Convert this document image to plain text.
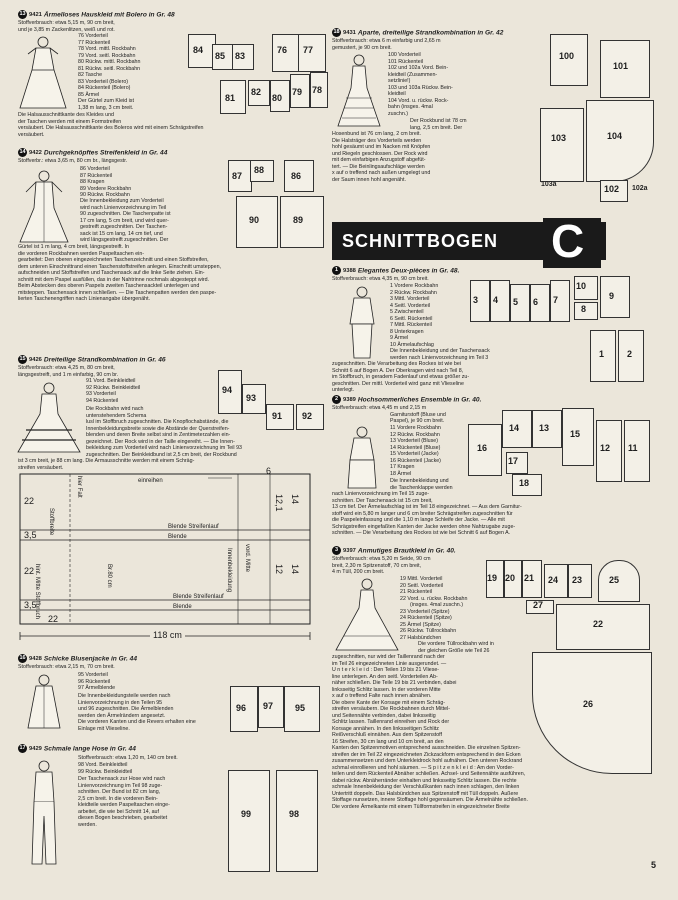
13 9421 Ärmelloses Hauskleid mit Bolero in Gr. 48
Stoffverbrauch: etwa 5,15 m, 90 cm breit,
und je 3,85 m Zackenlitzen, weiß und rot.
76 Vorderteil
77 Rückenteil
78 Vord. mittl. Rockbahn
79 Vord. seitl. Rockbahn
80 Rückw. mittl. Rockbahn
81 Rückw. seitl. Rockbahn
82 Tasche
83 Vorderteil (Bolero)
84 Rückenteil (Bolero)
85 Ärmel
Der Gürtel zum Kleid ist
1,38 m lang, 3 cm breit.
Die Halsausschnittkante des Kleides und
der Taschen werden mit einem Formstreifen
versäubert. Die Halsausschnittkante des Boleros wird mit einem Schrägstreifen
versäubert.
84
85 83
76 77
82	78
79
81	80
14 9422 Durchgeknöpftes Streifenkleid in Gr. 44
Stoffverbr.: etwa 3,65 m, 80 cm br., längsgestr.
86 Vorderteil
87 Rückenteil
88 Kragen
89 Vordere Rockbahn
90 Rückw. Rockbahn
Die Innenbekleidung zum Vorderteil
wird nach Linienvorzeichnung im Teil
90 zugeschnitten. Die Taschenpatte ist
17 cm lang, 5 cm breit, und wird quer-
gestreift zugeschnitten. Der Taschen-
sack ist 15 cm lang, 14 cm tief, und
wird längsgestreift zugeschnitten. Der
Gürtel ist 1 m lang, 4 cm breit, längsgestreift. In
die vorderen Rockbahnen werden Paspeltaschen ein-
gearbeitet: Den oberen eingezeichneten Taschenzeichnitt und einen Stoffstreifen,
dem unteren Einschnittrand einen Taschenstoffstreifen anlegen. Einschnitt umsteppen,
aufschneiden und Stoffstreifen und Taschensack auf die linke Seite ziehen. Ein-
schnitt mit dem Paspel ausfüllen, das in der Nahtrinne nochmals abgesteppt wird.
Beim Abstecken des oberen Paspels zweiten Taschensackteil unterlegen und
mitsteppen. Taschensack innen schließen. — Die Taschenpatten werden den paspe-
lierten Taschenengriffen nach Linienangabe übergenäht.
87
88
86
90	89
15 9426 Dreiteilige Strandkombination in Gr. 46
Stoffverbrauch: etwa 4,25 m, 80 cm breit,
längsgestreift, und 1 m einfarbig, 90 cm br.
91 Vord. Beinkleidteil
92 Rückw. Beinkleidteil
93 Vorderteil
94 Rückenteil
Die Rockbahn wird nach
untenstehendem Schema
lusl im Stoffbruch zugeschnitten. Die Knopflochabstände, die
Innenbekleidungsbreite sowie die Abstände der Querstreifen-
blenden und deren Breite selbst sind in Zentimeterzahlen ein-
gezeichnet. Der Rock wird in der Taille eingereiht. — Die Innen-
bekleidung zum Vorderteil wird nach Linienvorzeichnung im Teil 93
zugeschnitten. Der Beinkleidbund ist 2,5 cm breit, der Rockbund
ist 3 cm breit, je 88 cm lang. Die Armausschnitte werden mit einem Schräg-
streifen versäubert.
94
93
91 92
einreihen
hier Falt
Stoffbreite	Blende Streifenlauf
Blende
Blende Streifenlauf
Blende
vord. Mitte
Innenbekleidung
Br.80 cm
hint. Mitte Stoffbruch
22
3,5
22
3,5
22
12,1 14
12 14
6
118 cm
16 9428 Schicke Blusenjacke in Gr. 44
Stoffverbrauch: etwa 2,15 m, 70 cm breit.
95 Vorderteil
96 Rückenteil
97 Ärmelblende
Die Innenbekleidungsteile werden nach
Linienvorzeichnung in den Teilen 95
und 96 zugeschnitten. Die Ärmelblenden
werden den Ärmelrändern angesetzt.
Die vorderen Kanten und die Revers erhalten eine
Einlage mit Vlieseline.
96 97 95
17 9429 Schmale lange Hose in Gr. 44
Stoffverbrauch: etwa 1,20 m, 140 cm breit.
98 Vord. Beinkleidteil
99 Rückw. Beinkleidteil
Der Taschensack zur Hose wird nach
Linienvorzeichnung im Teil 98 zuge-
schnitten. Der Bund ist 82 cm lang,
2,5 cm breit. In die vorderen Bein-
kleidteile werden Paspeltaschen einge-
arbeitet, die wie bei Schnitt 14, auf
diesen Bogen beschrieben, gearbeitet
werden.
99	98
18 9431 Aparte, dreiteilige Strandkombination in Gr. 42
Stoffverbrauch: etwa 6 m einfarbig und 2,65 m
gemustert, je 90 cm breit.
100 Vorderteil
101 Rückenteil
102 und 102a Vord. Bein-
kleidteil (Zusammen-
setzlinie!)
103 und 103a Rückw. Bein-
kleidteil
104 Vord. u. rückw. Rock-
bahn (insges. 4mal
zuschn.)
Der Rockbund ist 78 cm
lang, 2,5 cm breit. Der
Hosenbund ist 76 cm lang, 2 cm breit.
Die Halsträger des Vorderteils werden
hohl gesäumt und im Nacken mit Knöpfen
und Riegeln geschlossen. Der Rock wird
mit dem einfarbigen Anzugstoff abgefüt-
tert. — Die Beinlingsaufschläge werden
x auf o treffend nach außen umgelegt und
der Saum innen hohl angenäht.
100
101
103	104
103a	102 102a
SCHNITTBOGEN C
1 9388 Elegantes Deux-pièces in Gr. 48.
Stoffverbrauch: etwa 4,35 m, 90 cm breit.
1 Vordere Rockbahn
2 Rückw. Rockbahn
3 Mittl. Vorderteil
4 Seitl. Vorderteil
5 Zwischenteil
6 Seitl. Rückenteil
7 Mittl. Rückenteil
8 Unterkragen
9 Ärmel
10 Ärmelaufschlag
Die Innenbekleidung und der Taschensack
werden nach Linienvorzeichnung im Teil 3
zugeschnitten. Die Verarbeitung des Rockes ist wie bei
Schnitt 6 auf Bogen A. Der Oberkragen wird nach Teil 8,
im Stoffbruch, in geradem Fadenlauf und etwas größer zu-
geschnitten. Der mittl. Vorderteil wird ganz mit Vlieseline
unterlegt.
3 4 5 6 7
10
9
8
1	2
2 9389 Hochsommerliches Ensemble in Gr. 40.
Stoffverbrauch: etwa 4,45 m und 2,15 m
Garniturstoff (Bluse und
Paspel), je 90 cm breit.
11 Vordere Rockbahn
12 Rückw. Rockbahn
13 Vorderteil (Bluse)
14 Rückenteil (Bluse)
15 Vorderteil (Jacke)
16 Rückenteil (Jacke)
17 Kragen
18 Ärmel
Die Innenbekleidung und
die Taschenklappe werden
nach Linienvorzeichnung im Teil 15 zuge-
schnitten. Der Taschensack ist 15 cm breit,
13 cm tief. Der Ärmelaufschlag ist im Teil 18 eingezeichnet. — Aus dem Garnitur-
stoff wird ein 5,80 m langer und 6 cm breiter Schrägstreifen zugeschnitten für
die Paspeleinfassung und die 1,10 m lange Schleife der Jacke. — Alle mit
Schrägstreifen eingefaßten Kanten der Jacke werden ohne Nahtzugabe zuge-
schnitten. — Die Verarbeitung des Rockes ist wie bei Schnitt 6 auf Bogen A.
16
14 13
15
17
18
12 11
3 9397 Anmutiges Brautkleid in Gr. 40.
Stoffverbrauch: etwa 5,20 m Seide, 90 cm
breit, 2,30 m Spitzenstoff, 70 cm breit,
4 m Tüll, 200 cm breit.
19 Mittl. Vorderteil
20 Seitl. Vorderteil
21 Rückenteil
22 Vord. u. rückw. Rockbahn
(insges. 4mal zuschn.)
23 Vorderteil (Spitze)
24 Rückenteil (Spitze)
25 Ärmel (Spitze)
26 Rückw. Tüllrockbahn
27 Halsbündchen
Die vordere Tüllrockbahn wird in
der gleichen Größe wie Teil 26
zugeschnitten, nur wird der Taillenrand nach der
im Teil 26 eingezeichneten Linie ausgerundet. —
U n t e r k l e i d : Den Teilen 19 bis 21 Vliese-
line unterlegen. An den seitl. Vorderteilen Ab-
näher schließen. Die Teile 19 bis 21 verbinden, dabei
linksseitig Schlitz lassen. In der vorderen Mitte
x auf o treffend Falte nach innen abnähen.
Die obere Kante der Korsage mit einem Schräg-
streifen versäubern. Die Rockbahnen durch Mittel-
und Seitennähte verbinden, dabei linksseitig
Schlitz lassen. Taillenrand einreihen und Rock der
Korsage annähen. In den linksseitigen Schlitz
Reißverschluß einnähen. Aus dem Spitzenstoff
16 Streifen, 30 cm lang und 10 cm breit, an den
Kanten den Spitzenmotiven entsprechend ausschneiden. Die einzelnen Spitzen-
streifen der im Teil 22 eingezeichneten Zickzackform entsprechend in den Ecken
zusammensetzen und dem Unterkleidrock hohl aufnähen. Den unteren Rockrand
schmal einrollieren und hohl säumen. — S p i t z e n k l e i d : Am den Vorder-
teilen und dem Rückenteil Abnäher schließen. Achsel- und Seitennähte ausführen,
dabei rückw. Abnäherränder einhalten und linksseitig Schlitz lassen. Die rechte
schmale Innenbekleidung der Verschlußkanten nach innen schlagen, den linken
Untertritt doppeln. Das Halsbündchen aus Spitzenstoff mit Tüll doppeln. Außere
Stoffage nunsetzen, innere Stoffage hohl gegensäumen. Die Ärmelnähte schließen.
Die vordere Ärmelkante mit einem Tüllformstreifen in eingezeichneter Breite
19 20 21 24 23
27
22
25
26
5
